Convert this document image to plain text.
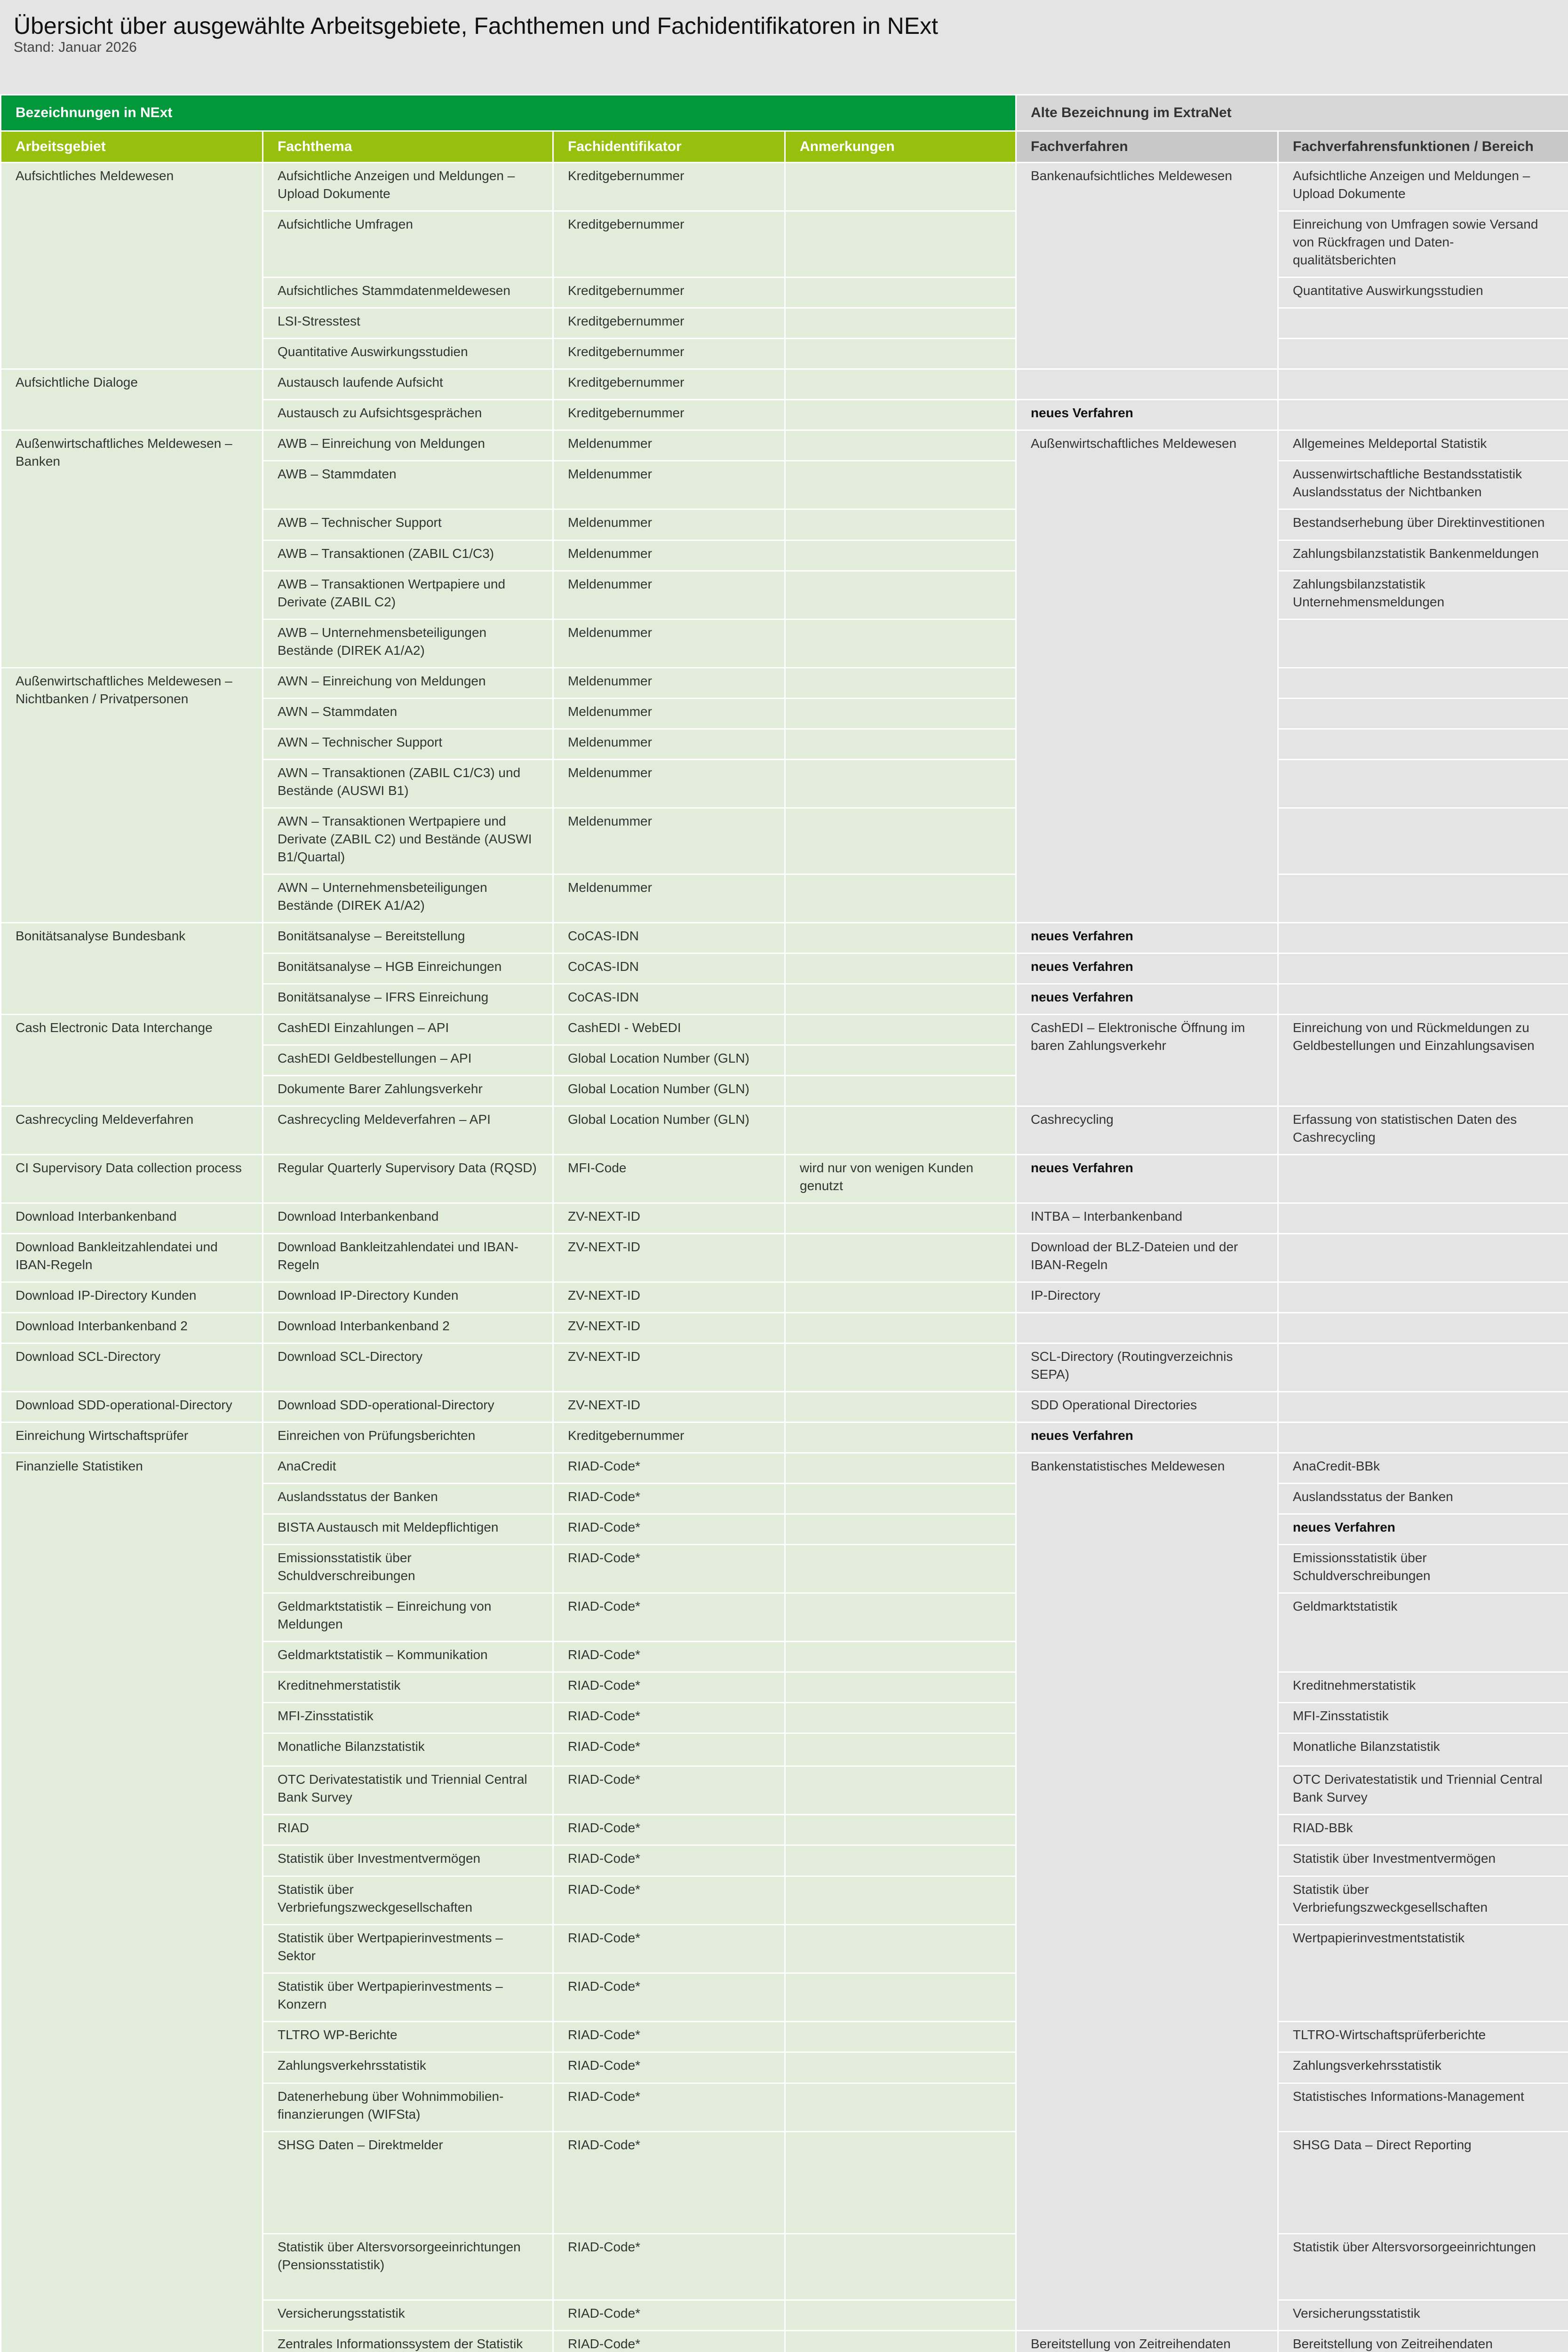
Übersicht über ausgewählte Arbeitsgebiete, Fachthemen und Fachidentifikatoren in NExt
Stand: Januar 2026
Bezeichnungen in NExt				Alte Bezeichnung im ExtraNet		
Arbeitsgebiet	Fachthema	Fachidentifikator	Anmerkungen	Fachverfahren	Fachverfahrensfunktionen / Bereich	
Aufsichtliches Meldewesen	Aufsichtliche Anzeigen und Meldungen – Upload Dokumente	Kreditgebernummer		Bankenaufsichtliches Meldewesen	Aufsichtliche Anzeigen und Meldungen – Upload Dokumente	
	Aufsichtliche Umfragen	Kreditgebernummer			Einreichung von Umfragen sowie Versand von Rückfragen und Daten-qualitätsberichten	
	Aufsichtliches Stammdatenmeldewesen	Kreditgebernummer			Quantitative Auswirkungsstudien	
	LSI-Stresstest	Kreditgebernummer				
	Quantitative Auswirkungsstudien	Kreditgebernummer				
Aufsichtliche Dialoge	Austausch laufende Aufsicht	Kreditgebernummer				
	Austausch zu Aufsichtsgesprächen	Kreditgebernummer		neues Verfahren		
Außenwirtschaftliches Meldewesen – Banken	AWB – Einreichung von Meldungen	Meldenummer		Außenwirtschaftliches Meldewesen	Allgemeines Meldeportal Statistik	
	AWB – Stammdaten	Meldenummer			Aussenwirtschaftliche Bestandsstatistik Auslandsstatus der Nichtbanken	
	AWB – Technischer Support	Meldenummer			Bestandserhebung über Direktinvestitionen	
	AWB – Transaktionen (ZABIL C1/C3)	Meldenummer			Zahlungsbilanzstatistik Bankenmeldungen	
	AWB – Transaktionen Wertpapiere und Derivate (ZABIL C2)	Meldenummer			Zahlungsbilanzstatistik Unternehmensmeldungen	
	AWB – Unternehmensbeteiligungen Bestände (DIREK A1/A2)	Meldenummer				
Außenwirtschaftliches Meldewesen – Nichtbanken / Privatpersonen	AWN – Einreichung von Meldungen	Meldenummer				
	AWN – Stammdaten	Meldenummer				
	AWN – Technischer Support	Meldenummer				
	AWN – Transaktionen (ZABIL C1/C3) und Bestände (AUSWI B1)	Meldenummer				
	AWN – Transaktionen Wertpapiere und Derivate (ZABIL C2) und Bestände (AUSWI B1/Quartal)	Meldenummer				
	AWN – Unternehmensbeteiligungen Bestände (DIREK A1/A2)	Meldenummer				
Bonitätsanalyse Bundesbank	Bonitätsanalyse – Bereitstellung	CoCAS-IDN		neues Verfahren		
	Bonitätsanalyse – HGB Einreichungen	CoCAS-IDN		neues Verfahren		
	Bonitätsanalyse – IFRS Einreichung	CoCAS-IDN		neues Verfahren		
Cash Electronic Data Interchange	CashEDI Einzahlungen – API	CashEDI - WebEDI		CashEDI – Elektronische Öffnung im baren Zahlungsverkehr	Einreichung von und Rückmeldungen zu Geldbestellungen und Einzahlungsavisen	
	CashEDI Geldbestellungen – API	Global Location Number (GLN)				
	Dokumente Barer Zahlungsverkehr	Global Location Number (GLN)				
Cashrecycling Meldeverfahren	Cashrecycling Meldeverfahren – API	Global Location Number (GLN)		Cashrecycling	Erfassung von statistischen Daten des Cashrecycling	
CI Supervisory Data collection process	Regular Quarterly Supervisory Data (RQSD)	MFI-Code	wird nur von wenigen Kunden genutzt	neues Verfahren		
Download Interbankenband	Download Interbankenband	ZV-NEXT-ID		INTBA – Interbankenband		
Download Bankleitzahlendatei und IBAN-Regeln	Download Bankleitzahlendatei und IBAN-Regeln	ZV-NEXT-ID		Download der BLZ-Dateien und der IBAN-Regeln		
Download IP-Directory Kunden	Download IP-Directory Kunden	ZV-NEXT-ID		IP-Directory		
Download Interbankenband 2	Download Interbankenband 2	ZV-NEXT-ID				
Download SCL-Directory	Download SCL-Directory	ZV-NEXT-ID		SCL-Directory (Routingverzeichnis SEPA)		
Download SDD-operational-Directory	Download SDD-operational-Directory	ZV-NEXT-ID		SDD Operational Directories		
Einreichung Wirtschaftsprüfer	Einreichen von Prüfungsberichten	Kreditgebernummer		neues Verfahren		
Finanzielle Statistiken	AnaCredit	RIAD-Code*		Bankenstatistisches Meldewesen	AnaCredit-BBk	
	Auslandsstatus der Banken	RIAD-Code*			Auslandsstatus der Banken	
	BISTA Austausch mit Meldepflichtigen	RIAD-Code*			neues Verfahren	
	Emissionsstatistik über Schuldverschreibungen	RIAD-Code*			Emissionsstatistik über Schuldverschreibungen	
	Geldmarktstatistik – Einreichung von Meldungen	RIAD-Code*			Geldmarktstatistik	
	Geldmarktstatistik – Kommunikation	RIAD-Code*				
	Kreditnehmerstatistik	RIAD-Code*			Kreditnehmerstatistik	
	MFI-Zinsstatistik	RIAD-Code*			MFI-Zinsstatistik	
	Monatliche Bilanzstatistik	RIAD-Code*			Monatliche Bilanzstatistik	
	OTC Derivatestatistik und Triennial Central Bank Survey	RIAD-Code*			OTC Derivatestatistik und Triennial Central Bank Survey	
	RIAD	RIAD-Code*			RIAD-BBk	
	Statistik über Investmentvermögen	RIAD-Code*			Statistik über Investmentvermögen	
	Statistik über Verbriefungszweckgesellschaften	RIAD-Code*			Statistik über Verbriefungszweckgesellschaften	
	Statistik über Wertpapierinvestments – Sektor	RIAD-Code*			Wertpapierinvestmentstatistik	
	Statistik über Wertpapierinvestments – Konzern	RIAD-Code*				
	TLTRO WP-Berichte	RIAD-Code*			TLTRO-Wirtschaftsprüferberichte	
	Zahlungsverkehrsstatistik	RIAD-Code*			Zahlungsverkehrsstatistik	
	Datenerhebung über Wohnimmobilien-finanzierungen (WIFSta)	RIAD-Code*			Statistisches Informations-Management	
	SHSG Daten – Direktmelder	RIAD-Code*			SHSG Data – Direct Reporting	
	Statistik über Altersvorsorgeeinrichtungen (Pensionsstatistik)	RIAD-Code*			Statistik über Altersvorsorgeeinrichtungen	
	Versicherungsstatistik	RIAD-Code*			Versicherungsstatistik	
	Zentrales Informationssystem der Statistik	RIAD-Code*		Bereitstellung von Zeitreihendaten	Bereitstellung von Zeitreihendaten	
